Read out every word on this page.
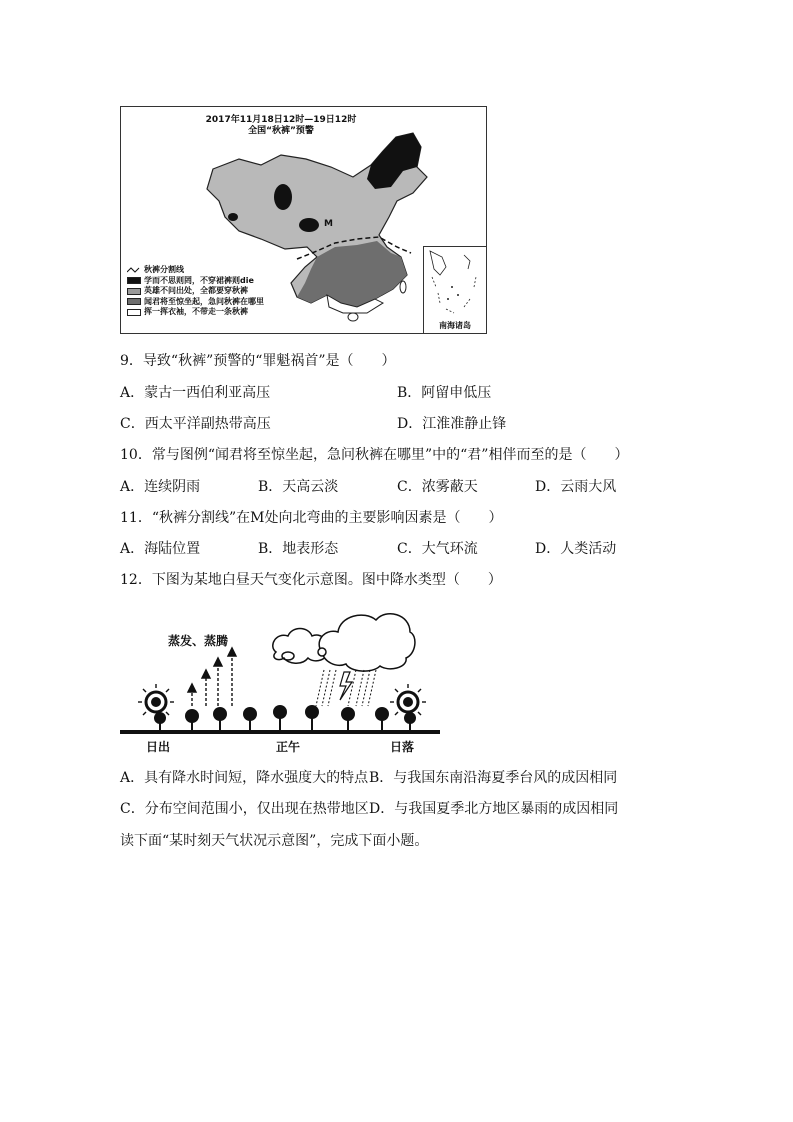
2017年11月18日12时—19日12时
全国“秋裤”预警
M
秋裤分割线
学而不思则罔，不穿裙裤则die
英雄不问出处，全都要穿秋裤
闻君将至惊坐起，急问秋裤在哪里
挥一挥衣袖，不带走一条秋裤
南海诸岛
9．导致“秋裤”预警的“罪魁祸首”是（　　）
A．蒙古一西伯利亚高压	B．阿留申低压
C．西太平洋副热带高压	D．江淮准静止锋
10．常与图例“闻君将至惊坐起，急问秋裤在哪里”中的“君”相伴而至的是（　　）
A．连续阴雨	B．天高云淡	C．浓雾蔽天	D．云雨大风
11．“秋裤分割线”在M处向北弯曲的主要影响因素是（　　）
A．海陆位置	B．地表形态	C．大气环流	D．人类活动
12．下图为某地白昼天气变化示意图。图中降水类型（　　）
蒸发、蒸腾
日出	正午	日落
A．具有降水时间短，降水强度大的特点 B．与我国东南沿海夏季台风的成因相同
C．分布空间范围小，仅出现在热带地区 D．与我国夏季北方地区暴雨的成因相同
读下面“某时刻天气状况示意图”，完成下面小题。
